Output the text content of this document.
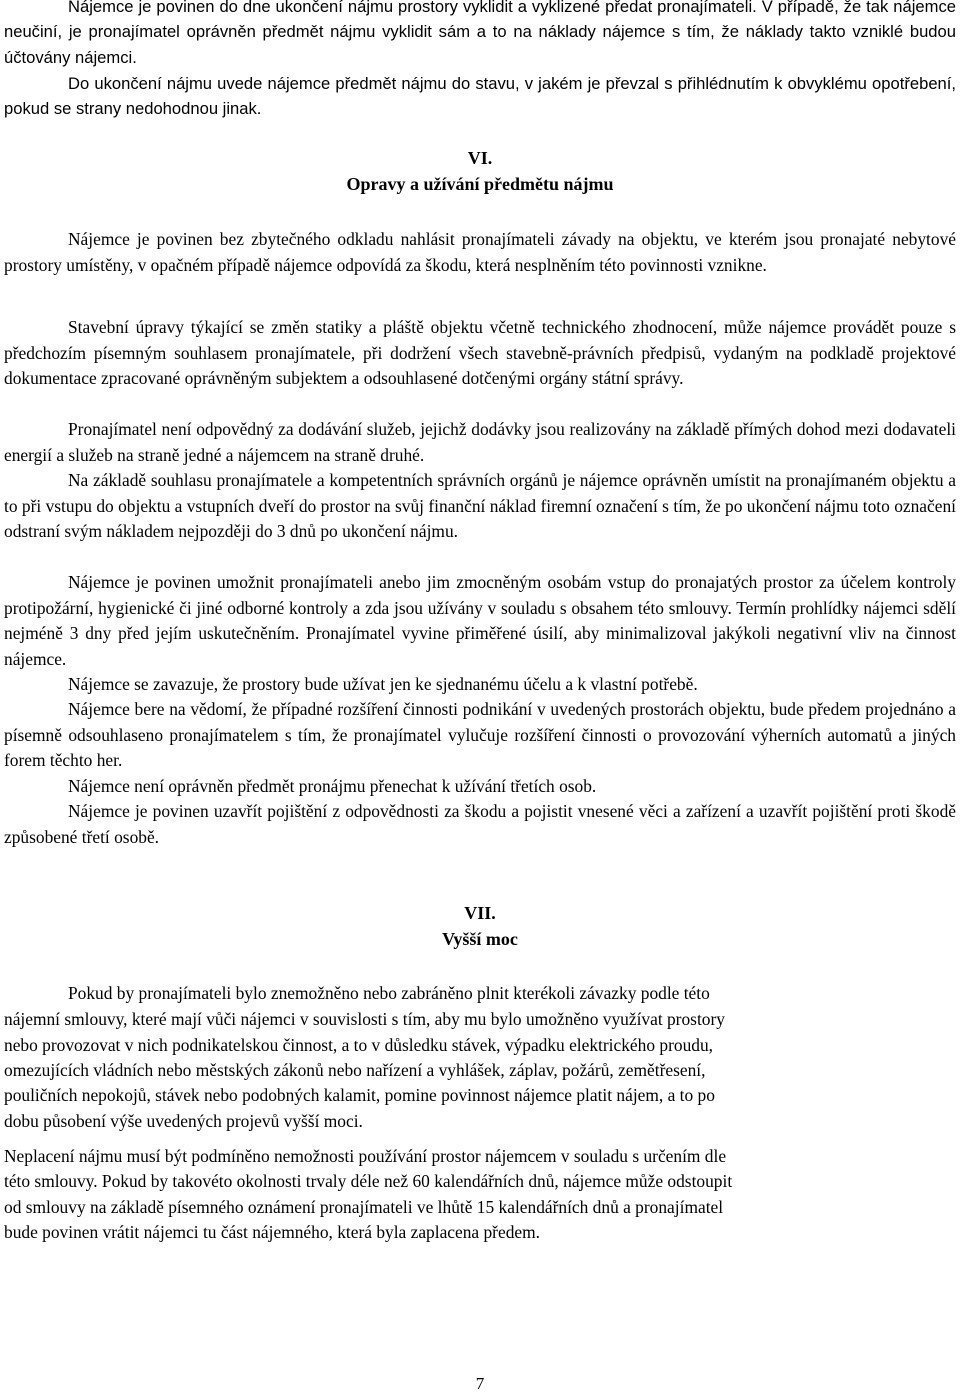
Nájemce je povinen do dne ukončení nájmu prostory vyklidit a vyklizené předat pronajímateli. V případě, že tak nájemce neučiní, je pronajímatel oprávněn předmět nájmu vyklidit sám a to na náklady nájemce s tím, že náklady takto vzniklé budou účtovány nájemci.

Do ukončení nájmu uvede nájemce předmět nájmu do stavu, v jakém je převzal s přihlédnutím k obvyklému opotřebení, pokud se strany nedohodnou jinak.

VI.

Opravy a užívání předmětu nájmu

Nájemce je povinen bez zbytečného odkladu nahlásit pronajímateli závady na objektu, ve kterém jsou pronajaté nebytové prostory umístěny, v opačném případě nájemce odpovídá za škodu, která nesplněním této povinnosti vznikne.

Stavební úpravy týkající se změn statiky a pláště objektu včetně technického zhodnocení, může nájemce provádět pouze s předchozím písemným souhlasem pronajímatele, při dodržení všech stavebně-právních předpisů, vydaným na podkladě projektové dokumentace zpracované oprávněným subjektem a odsouhlasené dotčenými orgány státní správy.

Pronajímatel není odpovědný za dodávání služeb, jejichž dodávky jsou realizovány na základě přímých dohod mezi dodavateli energií a služeb na straně jedné a nájemcem na straně druhé.

Na základě souhlasu pronajímatele a kompetentních správních orgánů je nájemce oprávněn umístit na pronajímaném objektu a to při vstupu do objektu a vstupních dveří do prostor na svůj finanční náklad firemní označení s tím, že po ukončení nájmu toto označení odstraní svým nákladem nejpozději do 3 dnů po ukončení nájmu.

Nájemce je povinen umožnit pronajímateli anebo jim zmocněným osobám vstup do pronajatých prostor za účelem kontroly protipožární, hygienické či jiné odborné kontroly a zda jsou užívány v souladu s obsahem této smlouvy. Termín prohlídky nájemci sdělí nejméně 3 dny před jejím uskutečněním. Pronajímatel vyvine přiměřené úsilí, aby minimalizoval jakýkoli negativní vliv na činnost nájemce.

Nájemce se zavazuje, že prostory bude užívat jen ke sjednanému účelu a k vlastní potřebě.

Nájemce bere na vědomí, že případné rozšíření činnosti podnikání v uvedených prostorách objektu, bude předem projednáno a písemně odsouhlaseno pronajímatelem s tím, že pronajímatel vylučuje rozšíření činnosti o provozování výherních automatů a jiných forem těchto her.

Nájemce není oprávněn předmět pronájmu přenechat k užívání třetích osob.

Nájemce je povinen uzavřít pojištění z odpovědnosti za škodu a pojistit vnesené věci a zařízení a uzavřít pojištění proti škodě způsobené třetí osobě.

VII.

Vyšší moc

Pokud by pronajímateli bylo znemožněno nebo zabráněno plnit kterékoli závazky podle této

nájemní smlouvy, které mají vůči nájemci v souvislosti s tím, aby mu bylo umožněno využívat prostory

nebo provozovat v nich podnikatelskou činnost, a to v důsledku stávek, výpadku elektrického proudu,

omezujících vládních nebo městských zákonů nebo nařízení a vyhlášek, záplav, požárů, zemětřesení,

pouličních nepokojů, stávek nebo podobných kalamit, pomine povinnost nájemce platit nájem, a to po

dobu působení výše uvedených projevů vyšší moci.

Neplacení nájmu musí být podmíněno nemožnosti používání prostor nájemcem v souladu s určením dle

této smlouvy. Pokud by takovéto okolnosti trvaly déle než 60 kalendářních dnů, nájemce může odstoupit

od smlouvy na základě písemného oznámení pronajímateli ve lhůtě 15 kalendářních dnů a pronajímatel

bude povinen vrátit nájemci tu část nájemného, která byla zaplacena předem.

7
